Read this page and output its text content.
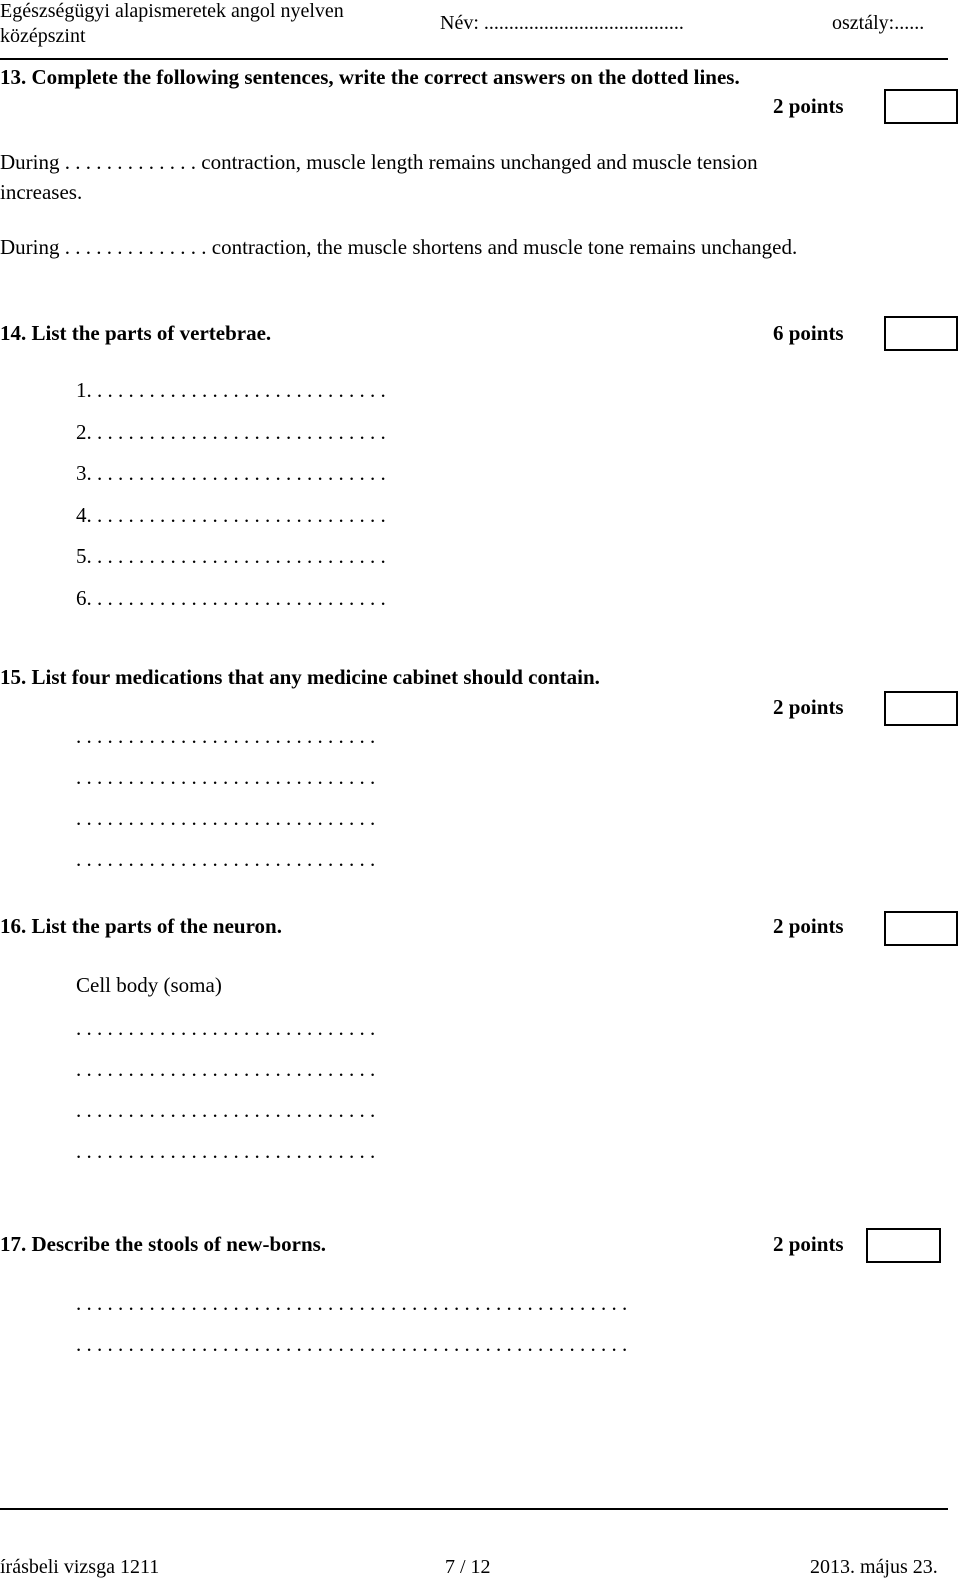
Egészségügyi alapismeretek angol nyelven
középszint
Név: ........................................	osztály:......
13. Complete the following sentences, write the correct answers on the dotted lines.
2 points
During . . . . . . . . . . . . . contraction, muscle length remains unchanged and muscle tension
increases.
During . . . . . . . . . . . . . . contraction, the muscle shortens and muscle tone remains unchanged.
14. List the parts of vertebrae.	6 points
1. . . . . . . . . . . . . . . . . . . . . . . . . . . . .
2. . . . . . . . . . . . . . . . . . . . . . . . . . . . .
3. . . . . . . . . . . . . . . . . . . . . . . . . . . . .
4. . . . . . . . . . . . . . . . . . . . . . . . . . . . .
5. . . . . . . . . . . . . . . . . . . . . . . . . . . . .
6. . . . . . . . . . . . . . . . . . . . . . . . . . . . .
15. List four medications that any medicine cabinet should contain.
2 points
. . . . . . . . . . . . . . . . . . . . . . . . . . . . .
. . . . . . . . . . . . . . . . . . . . . . . . . . . . .
. . . . . . . . . . . . . . . . . . . . . . . . . . . . .
. . . . . . . . . . . . . . . . . . . . . . . . . . . . .
16. List the parts of the neuron.	2 points
Cell body (soma)
. . . . . . . . . . . . . . . . . . . . . . . . . . . . .
. . . . . . . . . . . . . . . . . . . . . . . . . . . . .
. . . . . . . . . . . . . . . . . . . . . . . . . . . . .
. . . . . . . . . . . . . . . . . . . . . . . . . . . . .
17. Describe the stools of new-borns.	2 points
. . . . . . . . . . . . . . . . . . . . . . . . . . . . . . . . . . . . . . . . . . . . . . . . . . . . .
. . . . . . . . . . . . . . . . . . . . . . . . . . . . . . . . . . . . . . . . . . . . . . . . . . . . .
írásbeli vizsga 1211	7 / 12	2013. május 23.
